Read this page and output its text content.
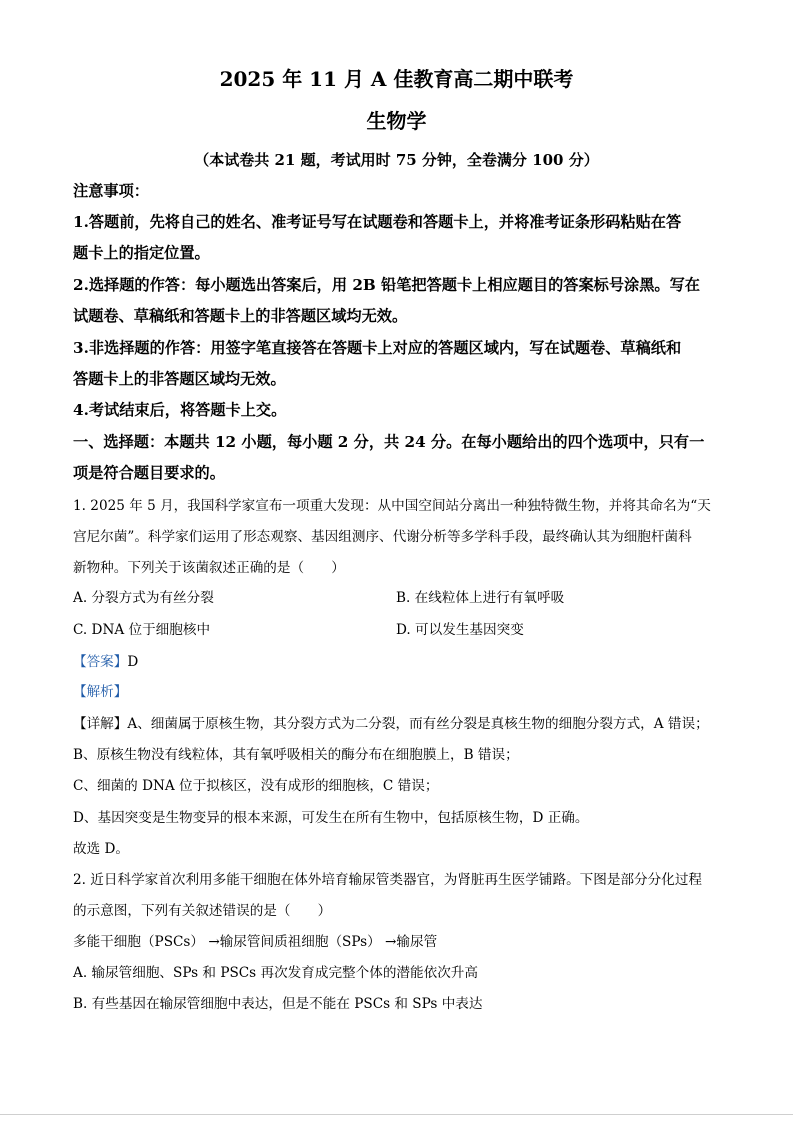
2025 年 11 月 A 佳教育高二期中联考
生物学
（本试卷共 21 题，考试用时 75 分钟，全卷满分 100 分）
注意事项：
1.答题前，先将自己的姓名、准考证号写在试题卷和答题卡上，并将准考证条形码粘贴在答
题卡上的指定位置。
2.选择题的作答：每小题选出答案后，用 2B 铅笔把答题卡上相应题目的答案标号涂黑。写在
试题卷、草稿纸和答题卡上的非答题区域均无效。
3.非选择题的作答：用签字笔直接答在答题卡上对应的答题区域内，写在试题卷、草稿纸和
答题卡上的非答题区域均无效。
4.考试结束后，将答题卡上交。
一、选择题：本题共 12 小题，每小题 2 分，共 24 分。在每小题给出的四个选项中，只有一
项是符合题目要求的。
1. 2025 年 5 月，我国科学家宣布一项重大发现：从中国空间站分离出一种独特微生物，并将其命名为“天
宫尼尔菌”。科学家们运用了形态观察、基因组测序、代谢分析等多学科手段，最终确认其为细胞杆菌科
新物种。下列关于该菌叙述正确的是（　　）
A. 分裂方式为有丝分裂	B. 在线粒体上进行有氧呼吸
C. DNA 位于细胞核中	D. 可以发生基因突变
【答案】D
【解析】
【详解】A、细菌属于原核生物，其分裂方式为二分裂，而有丝分裂是真核生物的细胞分裂方式，A 错误；
B、原核生物没有线粒体，其有氧呼吸相关的酶分布在细胞膜上，B 错误；
C、细菌的 DNA 位于拟核区，没有成形的细胞核，C 错误；
D、基因突变是生物变异的根本来源，可发生在所有生物中，包括原核生物，D 正确。
故选 D。
2. 近日科学家首次利用多能干细胞在体外培育输尿管类器官，为肾脏再生医学铺路。下图是部分分化过程
的示意图，下列有关叙述错误的是（　　）
多能干细胞（PSCs） →输尿管间质祖细胞（SPs） →输尿管
A. 输尿管细胞、SPs 和 PSCs 再次发育成完整个体的潜能依次升高
B. 有些基因在输尿管细胞中表达，但是不能在 PSCs 和 SPs 中表达
